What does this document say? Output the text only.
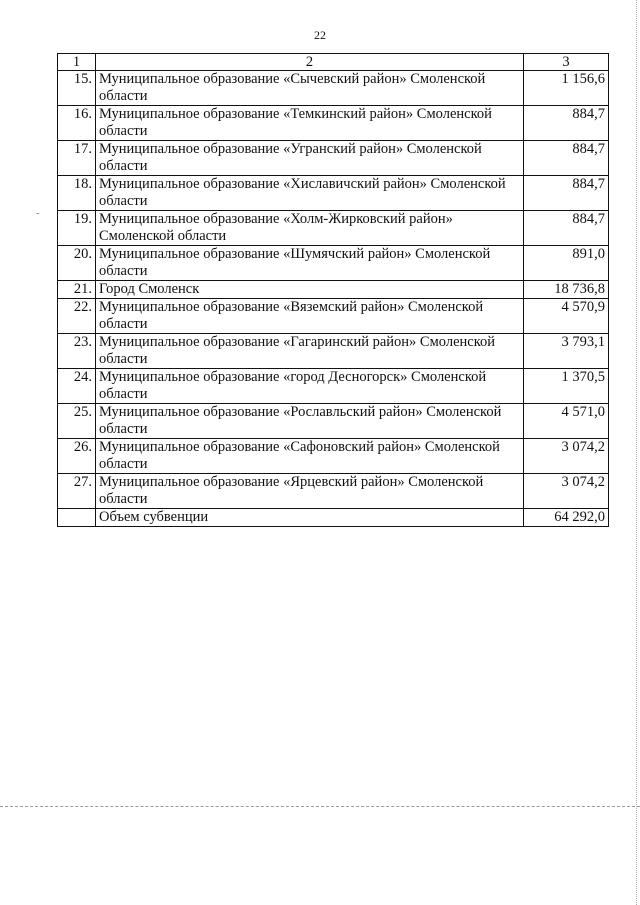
22
1	2	3
15.	Муниципальное образование «Сычевский район» Смоленской области	1 156,6
16.	Муниципальное образование «Темкинский район» Смоленской области	884,7
17.	Муниципальное образование «Угранский район» Смоленской области	884,7
18.	Муниципальное образование «Хиславичский район» Смоленской области	884,7
19.	Муниципальное образование «Холм-Жирковский район» Смоленской области	884,7
20.	Муниципальное образование «Шумячский район» Смоленской области	891,0
21.	Город Смоленск	18 736,8
22.	Муниципальное образование «Вяземский район» Смоленской области	4 570,9
23.	Муниципальное образование «Гагаринский район» Смоленской области	3 793,1
24.	Муниципальное образование «город Десногорск» Смоленской области	1 370,5
25.	Муниципальное образование «Рославльский район» Смоленской области	4 571,0
26.	Муниципальное образование «Сафоновский район» Смоленской области	3 074,2
27.	Муниципальное образование «Ярцевский район» Смоленской области	3 074,2
	Объем субвенции	64 292,0
˜
